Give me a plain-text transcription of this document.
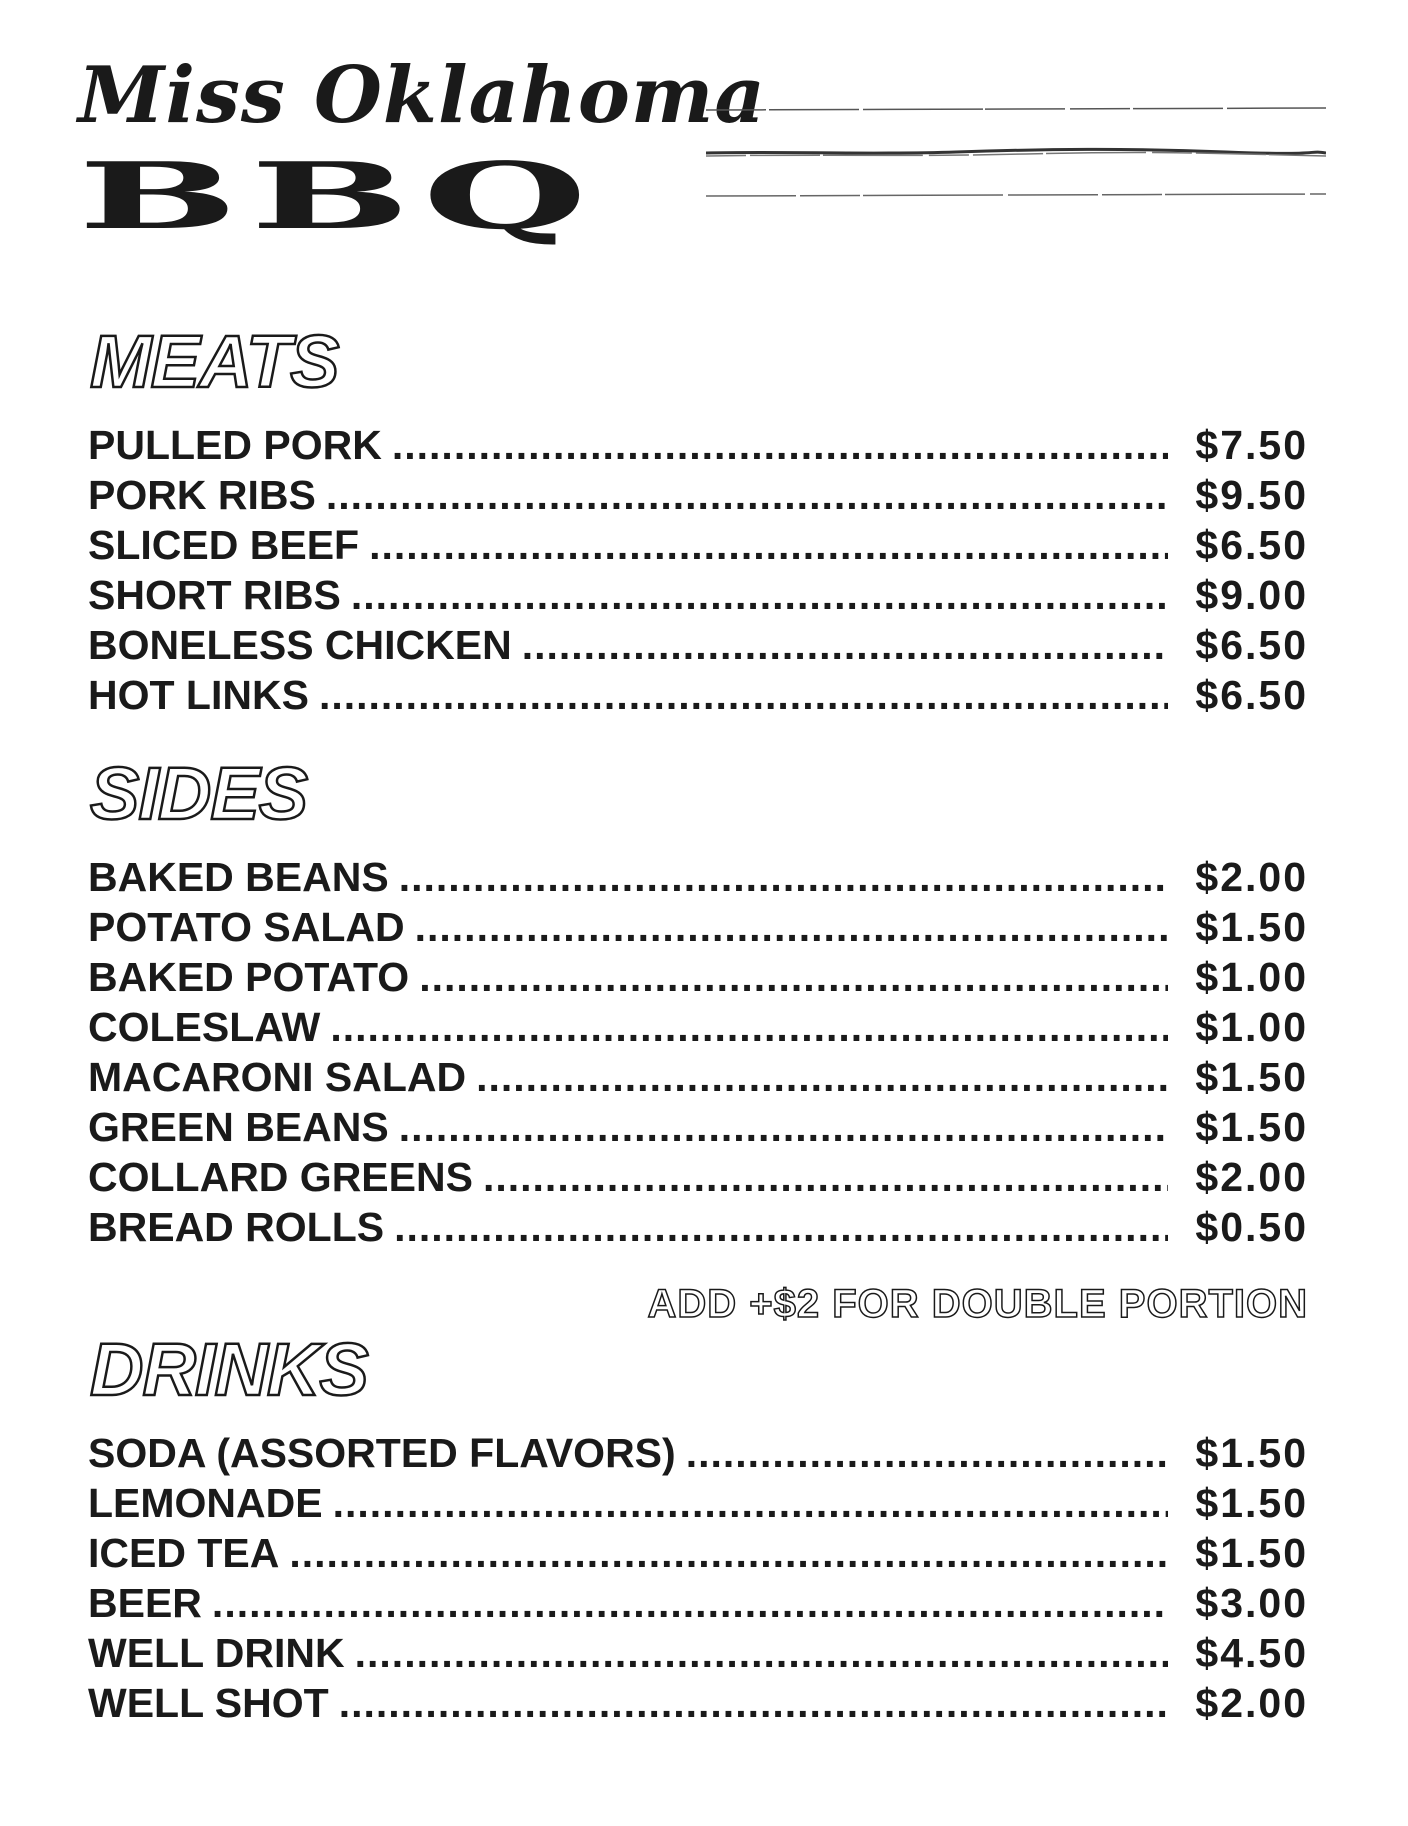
Miss Oklahoma
BBQ
MEATS
PULLED PORK .....	$7.50
PORK RIBS .....	$9.50
SLICED BEEF .....	$6.50
SHORT RIBS .....	$9.00
BONELESS CHICKEN .....	$6.50
HOT LINKS .....	$6.50
SIDES
BAKED BEANS .....	$2.00
POTATO SALAD .....	$1.50
BAKED POTATO .....	$1.00
COLESLAW .....	$1.00
MACARONI SALAD .....	$1.50
GREEN BEANS .....	$1.50
COLLARD GREENS .....	$2.00
BREAD ROLLS .....	$0.50
ADD +$2 FOR DOUBLE PORTION
DRINKS
SODA (ASSORTED FLAVORS) .....	$1.50
LEMONADE .....	$1.50
ICED TEA .....	$1.50
BEER .....	$3.00
WELL DRINK .....	$4.50
WELL SHOT .....	$2.00
